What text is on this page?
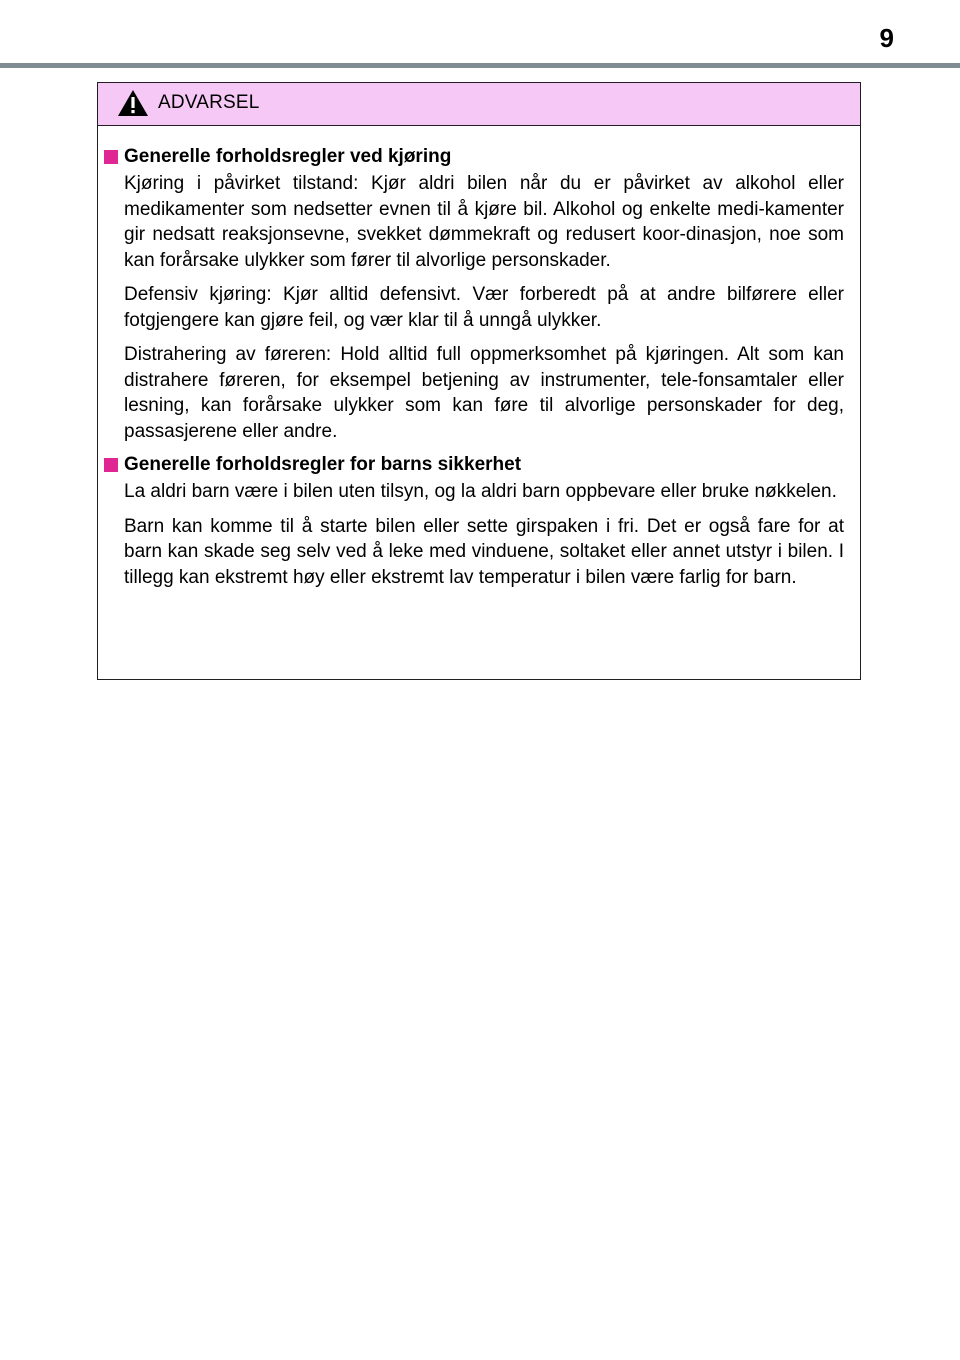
9
ADVARSEL
Generelle forholdsregler ved kjøring

Kjøring i påvirket tilstand: Kjør aldri bilen når du er påvirket av alkohol eller medikamenter som nedsetter evnen til å kjøre bil. Alkohol og enkelte medi-kamenter gir nedsatt reaksjonsevne, svekket dømmekraft og redusert koor-dinasjon, noe som kan forårsake ulykker som fører til alvorlige personskader.

Defensiv kjøring: Kjør alltid defensivt. Vær forberedt på at andre bilførere eller fotgjengere kan gjøre feil, og vær klar til å unngå ulykker.

Distrahering av føreren: Hold alltid full oppmerksomhet på kjøringen. Alt som kan distrahere føreren, for eksempel betjening av instrumenter, tele-fonsamtaler eller lesning, kan forårsake ulykker som kan føre til alvorlige personskader for deg, passasjerene eller andre.

Generelle forholdsregler for barns sikkerhet

La aldri barn være i bilen uten tilsyn, og la aldri barn oppbevare eller bruke nøkkelen.

Barn kan komme til å starte bilen eller sette girspaken i fri. Det er også fare for at barn kan skade seg selv ved å leke med vinduene, soltaket eller annet utstyr i bilen. I tillegg kan ekstremt høy eller ekstremt lav temperatur i bilen være farlig for barn.
